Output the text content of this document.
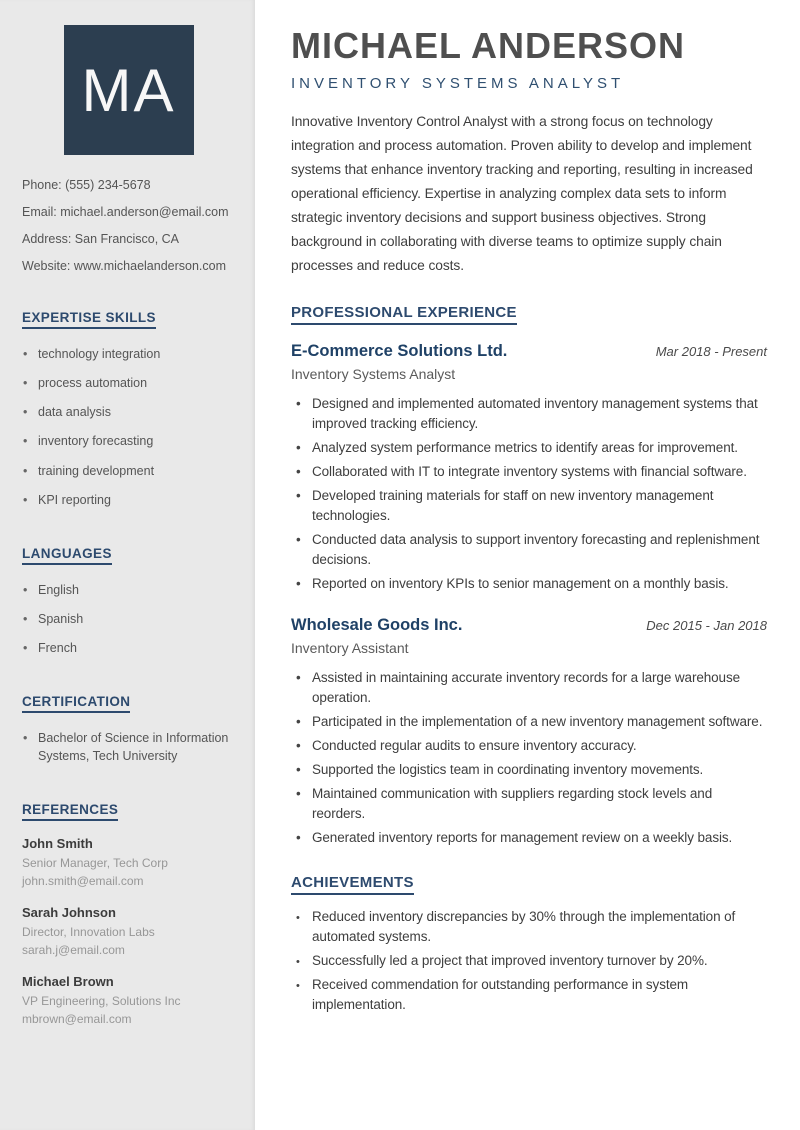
MA
Phone: (555) 234-5678
Email: michael.anderson@email.com
Address: San Francisco, CA
Website: www.michaelanderson.com
EXPERTISE SKILLS
• technology integration
• process automation
• data analysis
• inventory forecasting
• training development
• KPI reporting
LANGUAGES
• English
• Spanish
• French
CERTIFICATION
• Bachelor of Science in Information Systems, Tech University
REFERENCES
John Smith
Senior Manager, Tech Corp
john.smith@email.com
Sarah Johnson
Director, Innovation Labs
sarah.j@email.com
Michael Brown
VP Engineering, Solutions Inc
mbrown@email.com
MICHAEL ANDERSON
INVENTORY SYSTEMS ANALYST

Innovative Inventory Control Analyst with a strong focus on technology integration and process automation. Proven ability to develop and implement systems that enhance inventory tracking and reporting, resulting in increased operational efficiency. Expertise in analyzing complex data sets to inform strategic inventory decisions and support business objectives. Strong background in collaborating with diverse teams to optimize supply chain processes and reduce costs.

PROFESSIONAL EXPERIENCE
E-Commerce Solutions Ltd.	Mar 2018 - Present
Inventory Systems Analyst
• Designed and implemented automated inventory management systems that improved tracking efficiency.
• Analyzed system performance metrics to identify areas for improvement.
• Collaborated with IT to integrate inventory systems with financial software.
• Developed training materials for staff on new inventory management technologies.
• Conducted data analysis to support inventory forecasting and replenishment decisions.
• Reported on inventory KPIs to senior management on a monthly basis.
Wholesale Goods Inc.	Dec 2015 - Jan 2018
Inventory Assistant
• Assisted in maintaining accurate inventory records for a large warehouse operation.
• Participated in the implementation of a new inventory management software.
• Conducted regular audits to ensure inventory accuracy.
• Supported the logistics team in coordinating inventory movements.
• Maintained communication with suppliers regarding stock levels and reorders.
• Generated inventory reports for management review on a weekly basis.
ACHIEVEMENTS
• Reduced inventory discrepancies by 30% through the implementation of automated systems.
• Successfully led a project that improved inventory turnover by 20%.
• Received commendation for outstanding performance in system implementation.
